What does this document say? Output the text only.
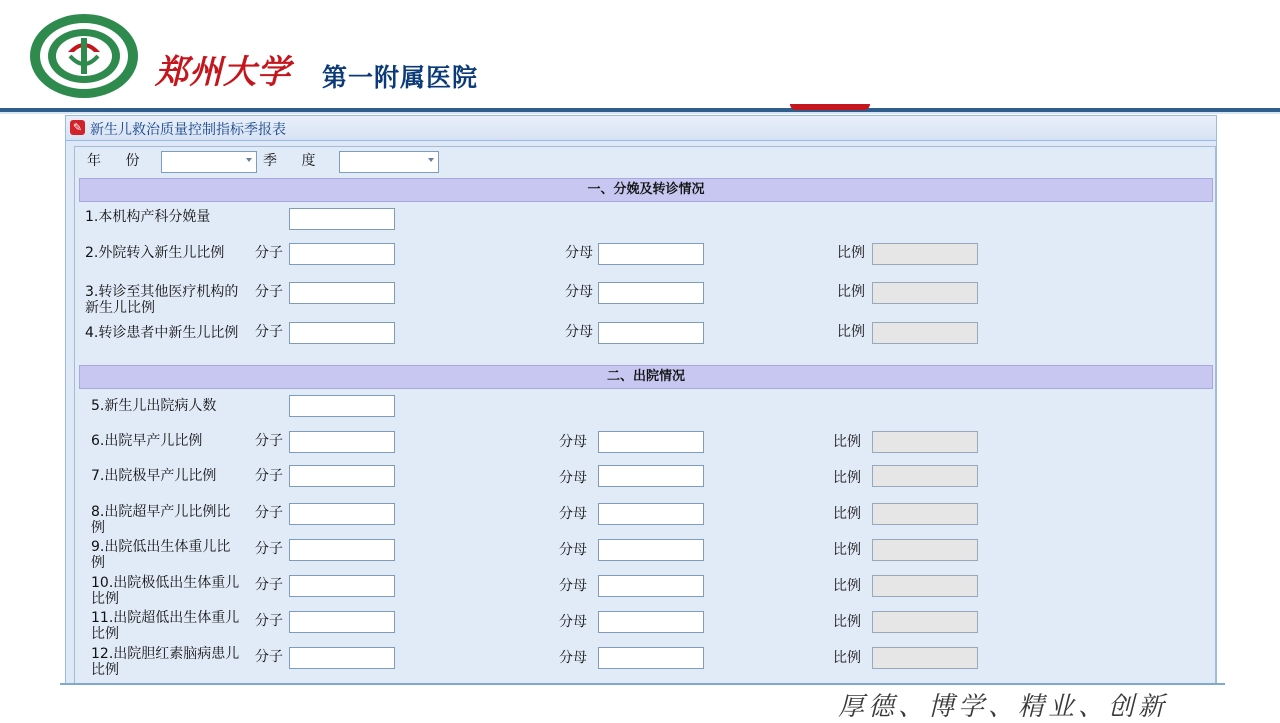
郑州大学 第一附属医院
✎ 新生儿救治质量控制指标季报表
年 份	季 度
一、分娩及转诊情况
1.本机构产科分娩量
2.外院转入新生儿比例 分子	分母	比例
3.转诊至其他医疗机构的新生儿比例
分子	分母	比例
4.转诊患者中新生儿比例	分子	分母	比例
二、出院情况
5.新生儿出院病人数
6.出院早产儿比例	分子	分母	比例
7.出院极早产儿比例	分子	分母	比例
8.出院超早产儿比例比例
分子	分母	比例
9.出院低出生体重儿比例
分子	分母	比例
10.出院极低出生体重儿比例
分子	分母	比例
11.出院超低出生体重儿比例
分子	分母	比例
12.出院胆红素脑病患儿比例
分子	分母	比例
厚德、博学、精业、创新
